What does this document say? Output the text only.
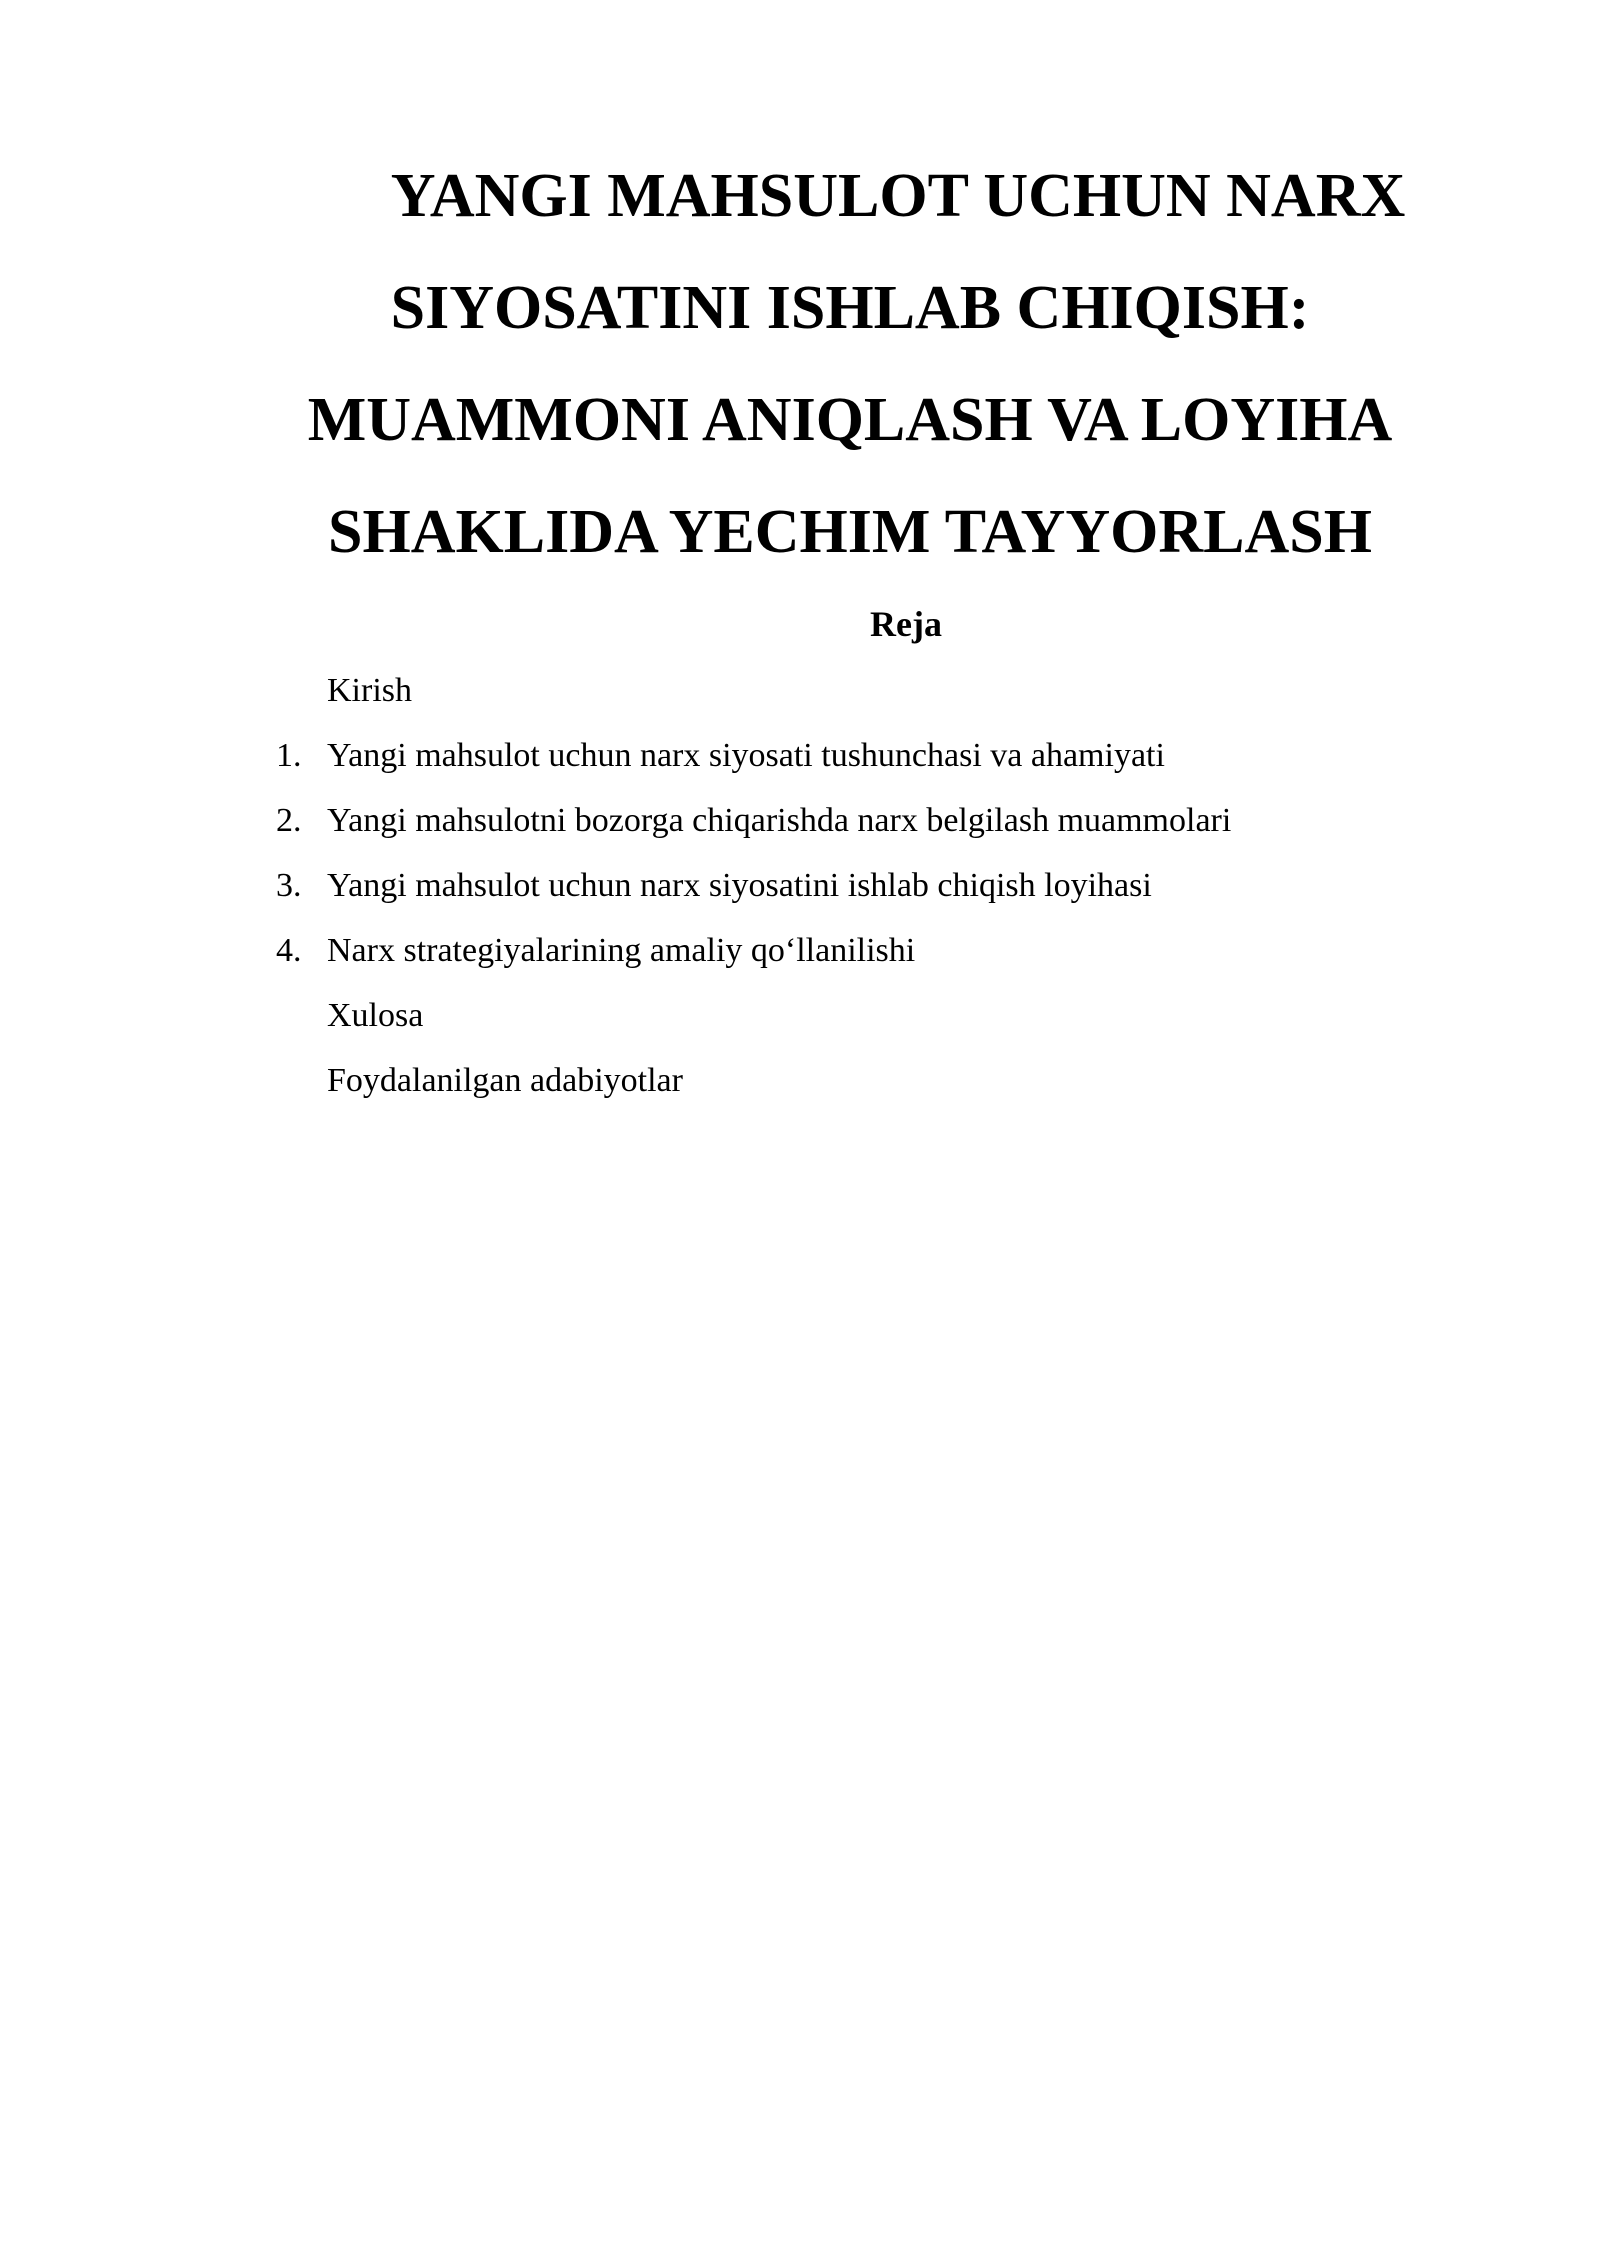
YANGI MAHSULOT UCHUN NARX SIYOSATINI ISHLAB CHIQISH: MUAMMONI ANIQLASH VA LOYIHA SHAKLIDA YECHIM TAYYORLASH
Reja
Kirish
1. Yangi mahsulot uchun narx siyosati tushunchasi va ahamiyati
2. Yangi mahsulotni bozorga chiqarishda narx belgilash muammolari
3. Yangi mahsulot uchun narx siyosatini ishlab chiqish loyihasi
4. Narx strategiyalarining amaliy qo‘llanilishi
Xulosa
Foydalanilgan adabiyotlar
